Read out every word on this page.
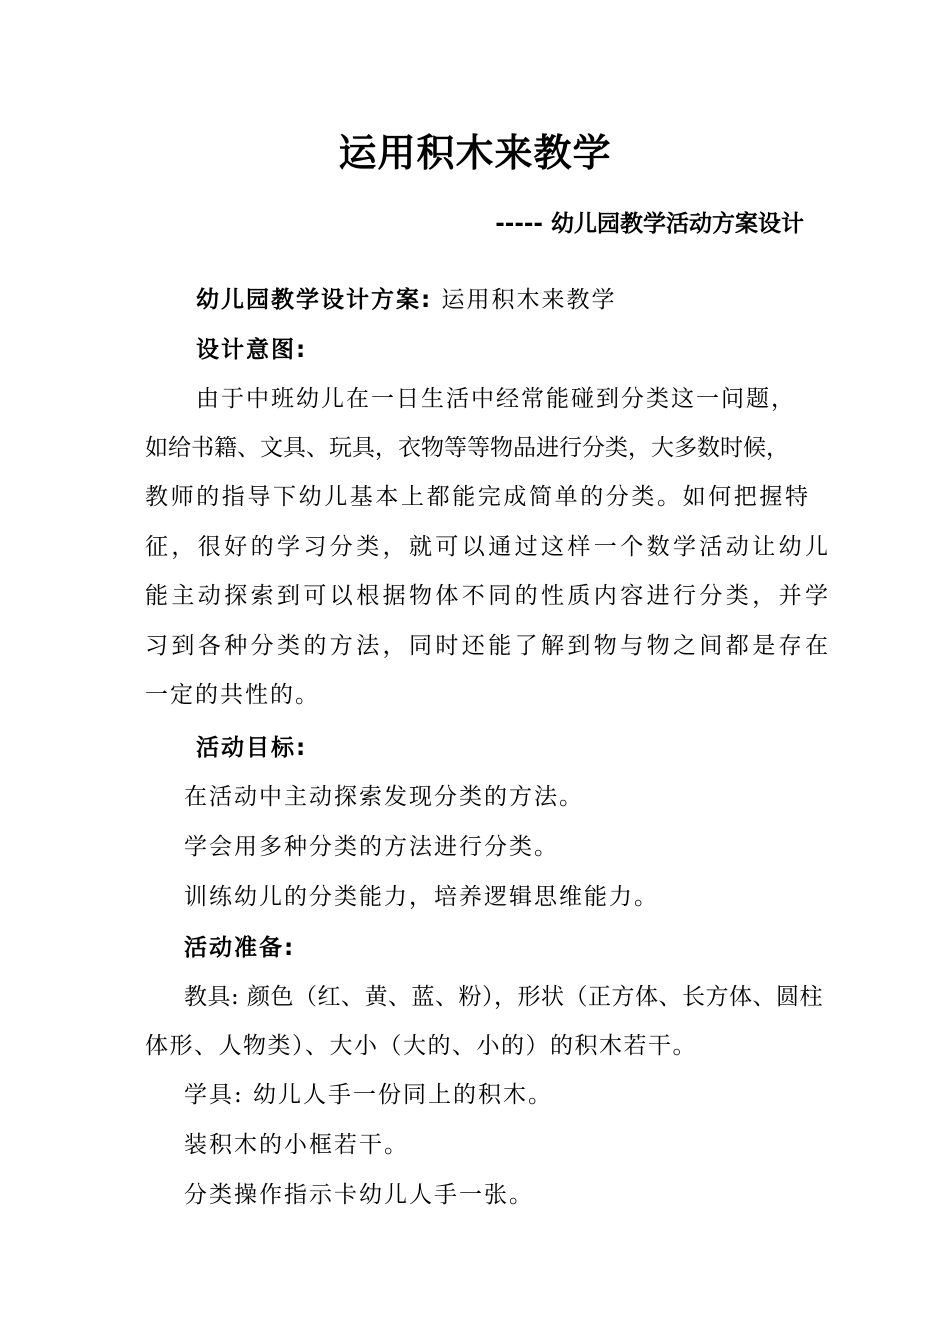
运用积木来教学
----- 幼儿园教学活动方案设计
幼儿园教学设计方案: 运用积木来教学
设计意图:
由于中班幼儿在一日生活中经常能碰到分类这一问题，
如给书籍、文具、玩具，衣物等等物品进行分类，大多数时候，
教师的指导下幼儿基本上都能完成简单的分类。如何把握特
征，很好的学习分类，就可以通过这样一个数学活动让幼儿
能主动探索到可以根据物体不同的性质内容进行分类，并学
习到各种分类的方法，同时还能了解到物与物之间都是存在
一定的共性的。
活动目标:
在活动中主动探索发现分类的方法。
学会用多种分类的方法进行分类。
训练幼儿的分类能力，培养逻辑思维能力。
活动准备:
教具: 颜色（红、黄、蓝、粉），形状（正方体、长方体、圆柱
体形、人物类）、大小（大的、小的）的积木若干。
学具: 幼儿人手一份同上的积木。
装积木的小框若干。
分类操作指示卡幼儿人手一张。
